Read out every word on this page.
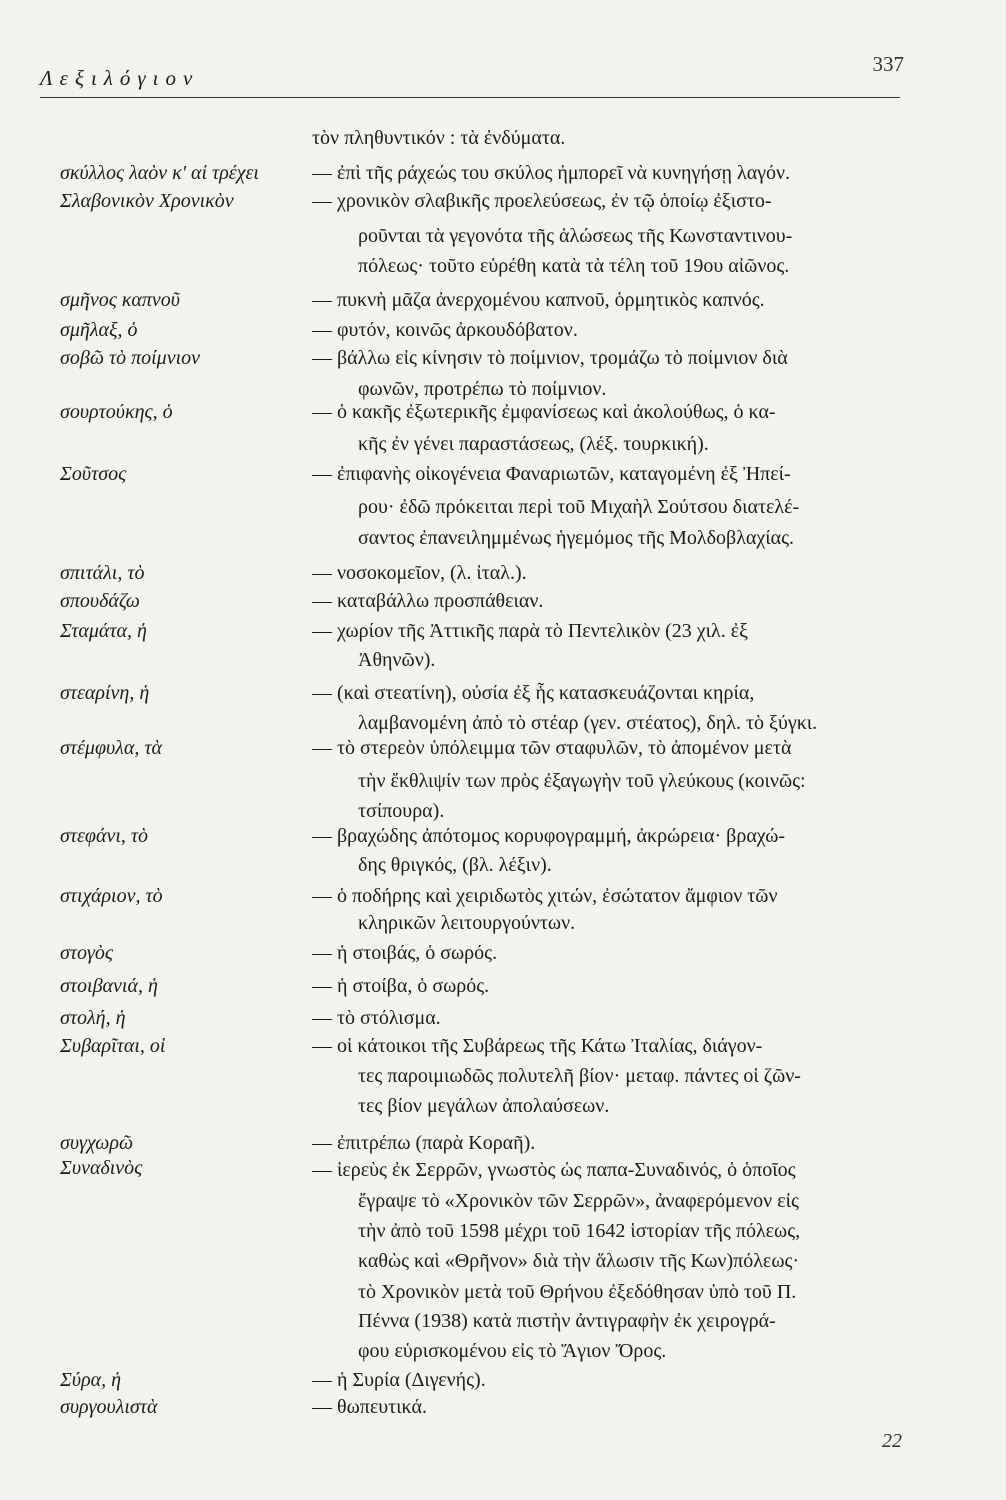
Λεξιλόγιον
337
τὸν πληθυντικόν : τὰ ἐνδύματα.
σκύλλος λαὸν κ' αἱ τρέχει	— ἐπὶ τῆς ράχεώς του σκύλος ἠμπορεῖ νὰ κυνηγήσῃ λαγόν.
Σλαβονικὸν Χρονικὸν	— χρονικὸν σλαβικῆς προελεύσεως, ἐν τῷ ὁποίῳ ἐξιστο-
ροῦνται τὰ γεγονότα τῆς ἁλώσεως τῆς Κωνσταντινου-
πόλεως· τοῦτο εὑρέθη κατὰ τὰ τέλη τοῦ 19ου αἰῶνος.
σμῆνος καπνοῦ	— πυκνὴ μᾶζα ἀνερχομένου καπνοῦ, ὁρμητικὸς καπνός.
σμῆλαξ, ὁ	— φυτόν, κοινῶς ἀρκουδόβατον.
σοβῶ τὸ ποίμνιον	— βάλλω εἰς κίνησιν τὸ ποίμνιον, τρομάζω τὸ ποίμνιον διὰ
φωνῶν, προτρέπω τὸ ποίμνιον.
σουρτούκης, ὁ	— ὁ κακῆς ἐξωτερικῆς ἐμφανίσεως καὶ ἀκολούθως, ὁ κα-
κῆς ἐν γένει παραστάσεως, (λέξ. τουρκική).
Σοῦτσος	— ἐπιφανὴς οἰκογένεια Φαναριωτῶν, καταγομένη ἐξ Ἠπεί-
ρου· ἐδῶ πρόκειται περὶ τοῦ Μιχαὴλ Σούτσου διατελέ-
σαντος ἐπανειλημμένως ἡγεμόμος τῆς Μολδοβλαχίας.
σπιτάλι, τὸ	— νοσοκομεῖον, (λ. ἰταλ.).
σπουδάζω	— καταβάλλω προσπάθειαν.
Σταμάτα, ἡ	— χωρίον τῆς Ἀττικῆς παρὰ τὸ Πεντελικὸν (23 χιλ. ἐξ
Ἀθηνῶν).
στεαρίνη, ἡ	— (καὶ στεατίνη), οὐσία ἐξ ἧς κατασκευάζονται κηρία,
λαμβανομένη ἀπὸ τὸ στέαρ (γεν. στέατος), δηλ. τὸ ξύγκι.
στέμφυλα, τὰ	— τὸ στερεὸν ὑπόλειμμα τῶν σταφυλῶν, τὸ ἀπομένον μετὰ
τὴν ἔκθλιψίν των πρὸς ἐξαγωγὴν τοῦ γλεύκους (κοινῶς:
τσίπουρα).
στεφάνι, τὸ	— βραχώδης ἀπότομος κορυφογραμμή, ἀκρώρεια· βραχώ-
δης θριγκός, (βλ. λέξιν).
στιχάριον, τὸ	— ὁ ποδήρης καὶ χειριδωτὸς χιτών, ἐσώτατον ἄμφιον τῶν
κληρικῶν λειτουργούντων.
στογὸς	— ἡ στοιβάς, ὁ σωρός.
στοιβανιά, ἡ	— ἡ στοίβα, ὁ σωρός.
στολή, ἡ	— τὸ στόλισμα.
Συβαρῖται, οἱ	— οἱ κάτοικοι τῆς Συβάρεως τῆς Κάτω Ἰταλίας, διάγον-
τες παροιμιωδῶς πολυτελῆ βίον· μεταφ. πάντες οἱ ζῶν-
τες βίον μεγάλων ἀπολαύσεων.
συγχωρῶ	— ἐπιτρέπω (παρὰ Κοραῆ).
Συναδινὸς	— ἱερεὺς ἐκ Σερρῶν, γνωστὸς ὡς παπα-Συναδινός, ὁ ὁποῖος
ἔγραψε τὸ «Χρονικὸν τῶν Σερρῶν», ἀναφερόμενον εἰς
τὴν ἀπὸ τοῦ 1598 μέχρι τοῦ 1642 ἱστορίαν τῆς πόλεως,
καθὼς καὶ «Θρῆνον» διὰ τὴν ἅλωσιν τῆς Κων)πόλεως·
τὸ Χρονικὸν μετὰ τοῦ Θρήνου ἐξεδόθησαν ὑπὸ τοῦ Π.
Πέννα (1938) κατὰ πιστὴν ἀντιγραφὴν ἐκ χειρογρά-
φου εὑρισκομένου εἰς τὸ Ἅγιον Ὄρος.
Σύρα, ἡ	— ἡ Συρία (Διγενής).
συργουλιστὰ	— θωπευτικά.
22
